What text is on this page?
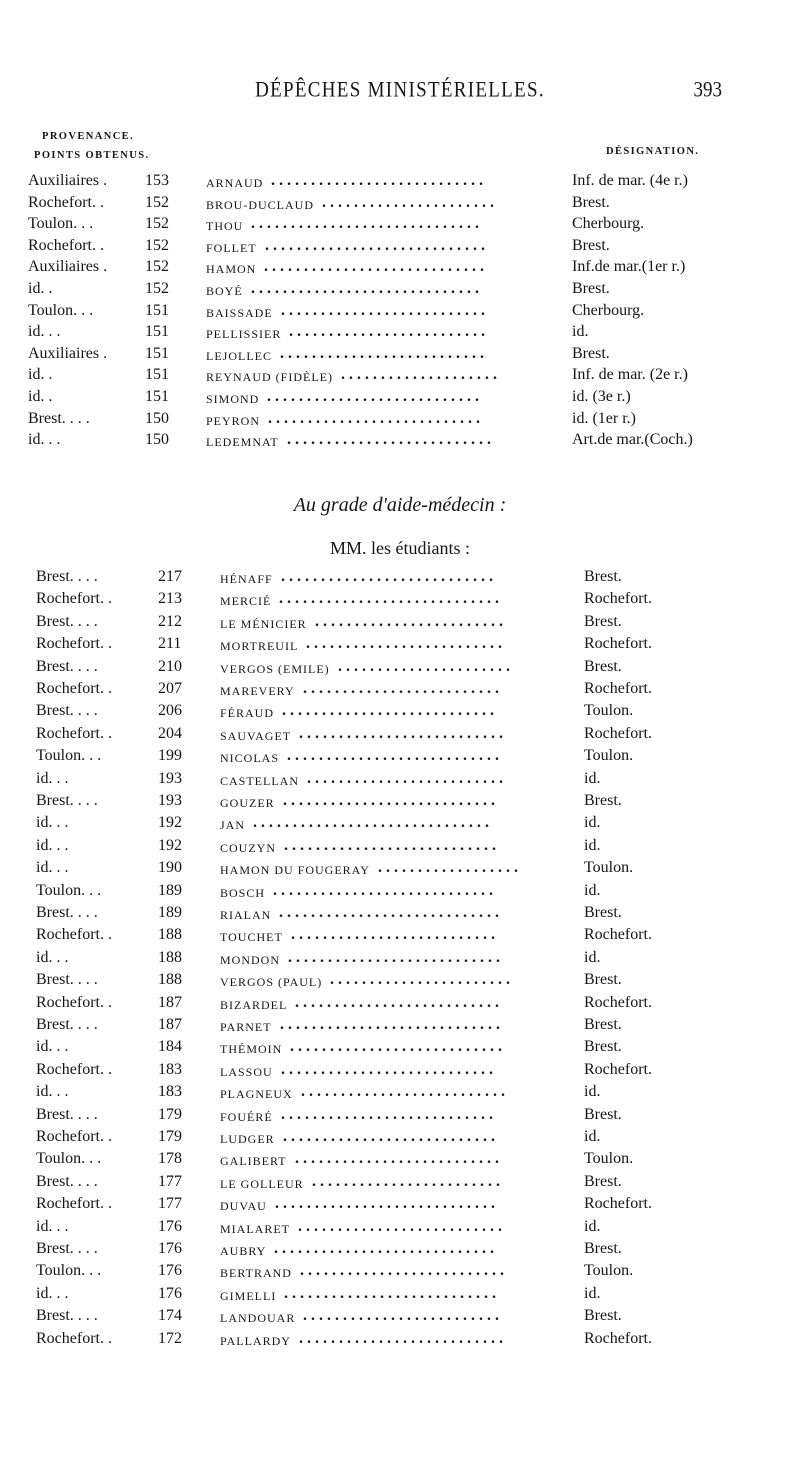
DÉPÊCHES MINISTÉRIELLES.	393
PROVENANCE.
POINTS OBTENUS.	DÉSIGNATION.
Auxiliaires . 153	ARNAUD ...........................	Inf. de mar. (4e r.)
Rochefort. .	152	BROU-DUCLAUD ......................	Brest.
Toulon. . .	152	THOU .............................	Cherbourg.
Rochefort. .	152	FOLLET ............................	Brest.
Auxiliaires . 152	HAMON ............................	Inf.de mar.(1er r.)
id. .	152	BOYÉ .............................	Brest.
Toulon. . .	151	BAISSADE ..........................	Cherbourg.
id. . .	151	PELLISSIER .........................	id.
Auxiliaires . 151	LEJOLLEC ..........................	Brest.
id. .	151	REYNAUD (FIDÈLE) ....................	Inf. de mar. (2e r.)
id. .	151	SIMOND ...........................	id. (3e r.)
Brest. . . .	150	PEYRON ...........................	id. (1er r.)
id. . .	150	LEDEMNAT ..........................	Art.de mar.(Coch.)
Au grade d'aide-médecin :
MM. les étudiants :
Brest. . . .	217	HÉNAFF ...........................	Brest.
Rochefort. .	213	MERCIÉ ............................	Rochefort.
Brest. . . .	212	LE MÉNICIER ........................	Brest.
Rochefort. .	211	MORTREUIL .........................	Rochefort.
Brest. . . .	210	VERGOS (EMILE) ......................	Brest.
Rochefort. .	207	MAREVERY .........................	Rochefort.
Brest. . . .	206	FÉRAUD ...........................	Toulon.
Rochefort. .	204	SAUVAGET ..........................	Rochefort.
Toulon. . .	199	NICOLAS ...........................	Toulon.
id. . .	193	CASTELLAN .........................	id.
Brest. . . .	193	GOUZER ...........................	Brest.
id. . .	192	JAN ..............................	id.
id. . .	192	COUZYN ...........................	id.
id. . .	190	HAMON DU FOUGERAY ..................	Toulon.
Toulon. . .	189	BOSCH ............................	id.
Brest. . . .	189	RIALAN ............................	Brest.
Rochefort. .	188	TOUCHET ..........................	Rochefort.
id. . .	188	MONDON ...........................	id.
Brest. . . .	188	VERGOS (PAUL) .......................	Brest.
Rochefort. .	187	BIZARDEL ..........................	Rochefort.
Brest. . . .	187	PARNET ............................	Brest.
id. . .	184	THÉMOIN ...........................	Brest.
Rochefort. .	183	LASSOU ...........................	Rochefort.
id. . .	183	PLAGNEUX ..........................	id.
Brest. . . .	179	FOUÉRÉ ...........................	Brest.
Rochefort. .	179	LUDGER ...........................	id.
Toulon. . .	178	GALIBERT ..........................	Toulon.
Brest. . . .	177	LE GOLLEUR ........................	Brest.
Rochefort. .	177	DUVAU ............................	Rochefort.
id. . .	176	MIALARET ..........................	id.
Brest. . . .	176	AUBRY ............................	Brest.
Toulon. . .	176	BERTRAND ..........................	Toulon.
id. . .	176	GIMELLI ...........................	id.
Brest. . . .	174	LANDOUAR .........................	Brest.
Rochefort. .	172	PALLARDY ..........................	Rochefort.
